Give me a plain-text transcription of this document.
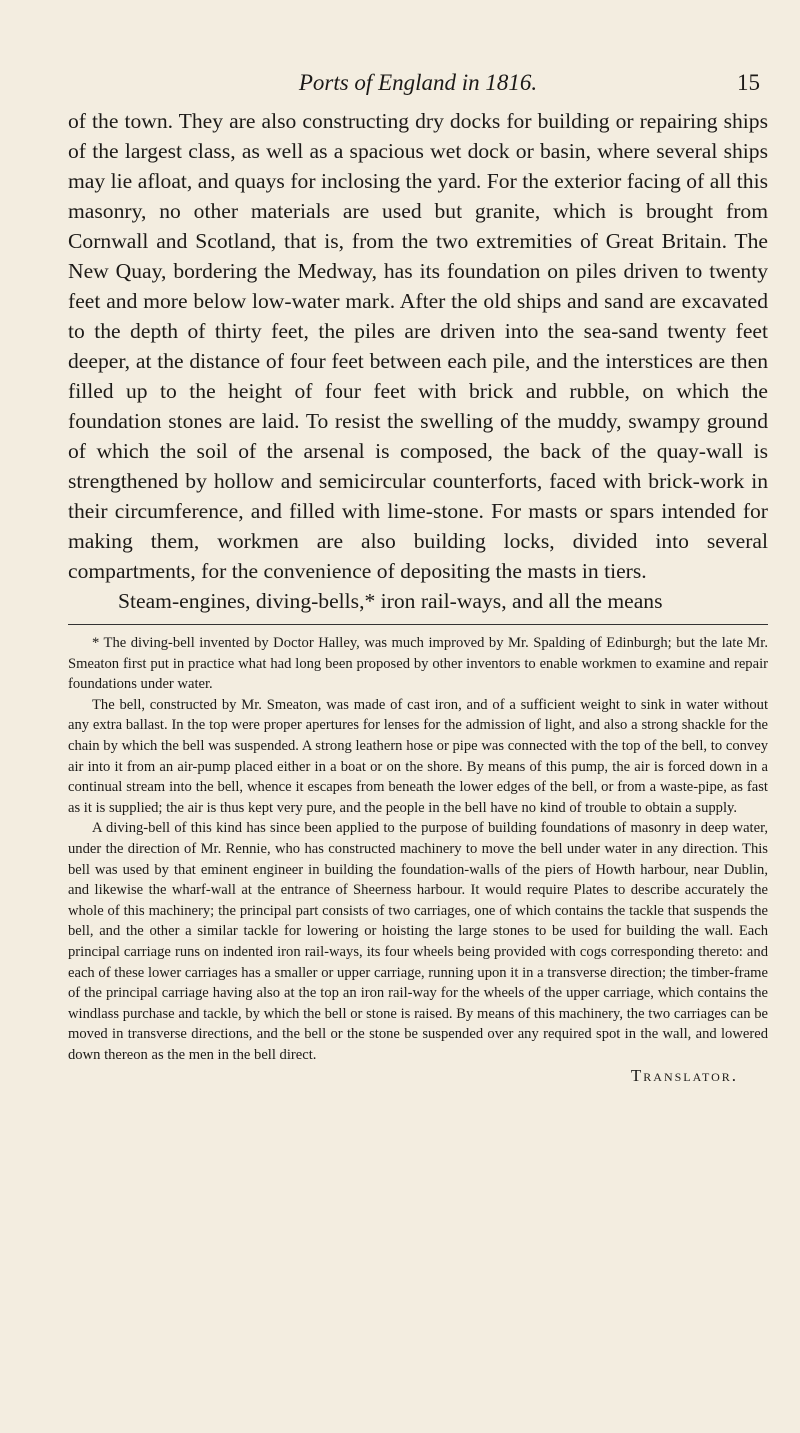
Ports of England in 1816.	15

of the town. They are also constructing dry docks for building or repairing ships of the largest class, as well as a spacious wet dock or basin, where several ships may lie afloat, and quays for inclosing the yard. For the exterior facing of all this masonry, no other materials are used but granite, which is brought from Cornwall and Scotland, that is, from the two extremities of Great Britain. The New Quay, bordering the Medway, has its foundation on piles driven to twenty feet and more below low-water mark. After the old ships and sand are excavated to the depth of thirty feet, the piles are driven into the sea-sand twenty feet deeper, at the distance of four feet between each pile, and the interstices are then filled up to the height of four feet with brick and rubble, on which the foundation stones are laid. To resist the swelling of the muddy, swampy ground of which the soil of the arsenal is composed, the back of the quay-wall is strengthened by hollow and semicircular counterforts, faced with brick-work in their circumference, and filled with lime-stone. For masts or spars intended for making them, workmen are also building locks, divided into several compartments, for the convenience of depositing the masts in tiers.

Steam-engines, diving-bells,* iron rail-ways, and all the means

* The diving-bell invented by Doctor Halley, was much improved by Mr. Spalding of Edinburgh; but the late Mr. Smeaton first put in practice what had long been proposed by other inventors to enable workmen to examine and repair foundations under water.

The bell, constructed by Mr. Smeaton, was made of cast iron, and of a sufficient weight to sink in water without any extra ballast. In the top were proper apertures for lenses for the admission of light, and also a strong shackle for the chain by which the bell was suspended. A strong leathern hose or pipe was connected with the top of the bell, to convey air into it from an air-pump placed either in a boat or on the shore. By means of this pump, the air is forced down in a continual stream into the bell, whence it escapes from beneath the lower edges of the bell, or from a waste-pipe, as fast as it is supplied; the air is thus kept very pure, and the people in the bell have no kind of trouble to obtain a supply.

A diving-bell of this kind has since been applied to the purpose of building foundations of masonry in deep water, under the direction of Mr. Rennie, who has constructed machinery to move the bell under water in any direction. This bell was used by that eminent engineer in building the foundation-walls of the piers of Howth harbour, near Dublin, and likewise the wharf-wall at the entrance of Sheerness harbour. It would require Plates to describe accurately the whole of this machinery; the principal part consists of two carriages, one of which contains the tackle that suspends the bell, and the other a similar tackle for lowering or hoisting the large stones to be used for building the wall. Each principal carriage runs on indented iron rail-ways, its four wheels being provided with cogs corresponding thereto: and each of these lower carriages has a smaller or upper carriage, running upon it in a transverse direction; the timber-frame of the principal carriage having also at the top an iron rail-way for the wheels of the upper carriage, which contains the windlass purchase and tackle, by which the bell or stone is raised. By means of this machinery, the two carriages can be moved in transverse directions, and the bell or the stone be suspended over any required spot in the wall, and lowered down thereon as the men in the bell direct.

Translator.
